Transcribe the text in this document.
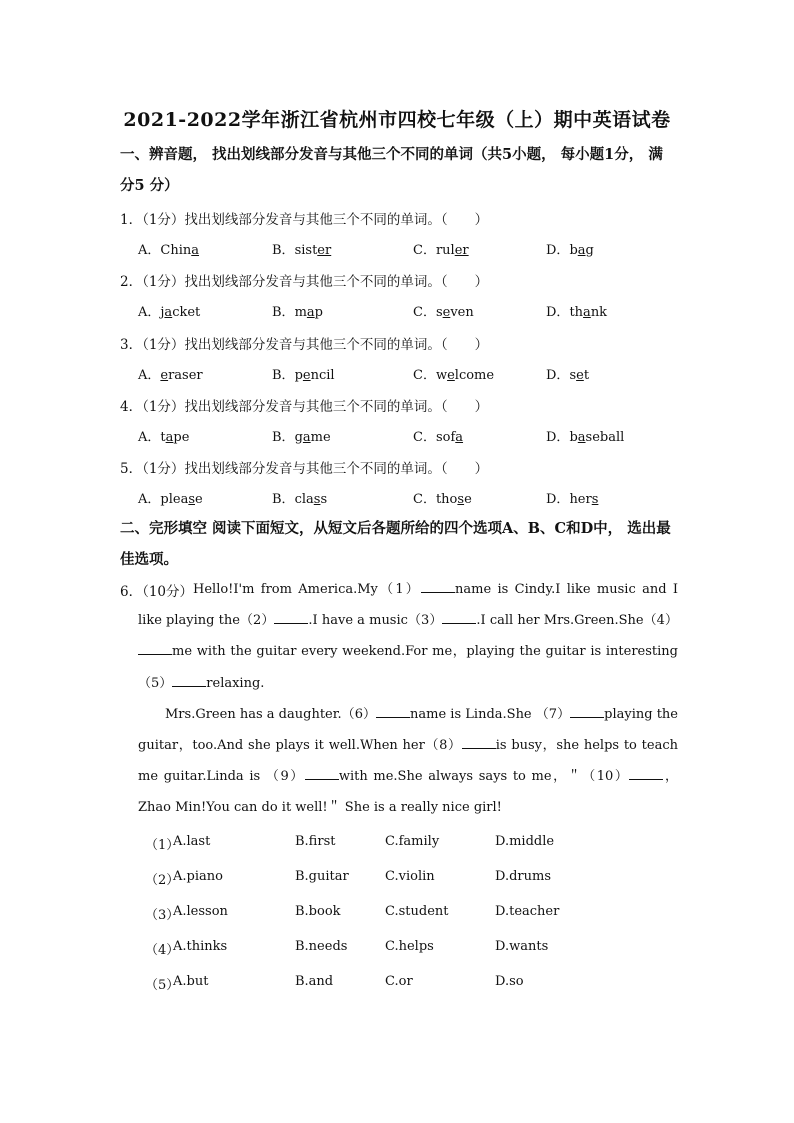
2021-2022学年浙江省杭州市四校七年级（上）期中英语试卷
一、辨音题， 找出划线部分发音与其他三个不同的单词（共5小题， 每小题1分， 满
分5 分）
1．（1分）找出划线部分发音与其他三个不同的单词。（　　）
A．China	B．sister	C．ruler	D．bag
2．（1分）找出划线部分发音与其他三个不同的单词。（　　）
A．jacket	B．map	C．seven	D．thank
3．（1分）找出划线部分发音与其他三个不同的单词。（　　）
A．eraser	B．pencil	C．welcome	D．set
4．（1分）找出划线部分发音与其他三个不同的单词。（　　）
A．tape	B．game	C．sofa	D．baseball
5．（1分）找出划线部分发音与其他三个不同的单词。（　　）
A．please	B．class	C．those	D．hers
二、完形填空 阅读下面短文，从短文后各题所给的四个选项A、B、C和D中， 选出最
佳选项。
6．（10分） Hello!I'm from America.My（1）	name is Cindy.I like music and I like playing the（2）	.I have a music（3）	.I call her Mrs.Green.She（4）me with the guitar every weekend.For me，playing the guitar is interesting （5）	relaxing.

Mrs.Green has a daughter.（6）	name is Linda.She （7）	playing the guitar，too.And she plays it well.When her（8）	is busy，she helps to teach me guitar.Linda is （9）	with me.She always says to me，＂（10）	，Zhao Min!You can do it well!＂ She is a really nice girl!

（1）
A.last	B.first	C.family	D.middle
（2）
A.piano	B.guitar	C.violin	D.drums
（3）
A.lesson	B.book	C.student	D.teacher
（4）
A.thinks	B.needs	C.helps	D.wants
（5）
A.but	B.and	C.or	D.so
